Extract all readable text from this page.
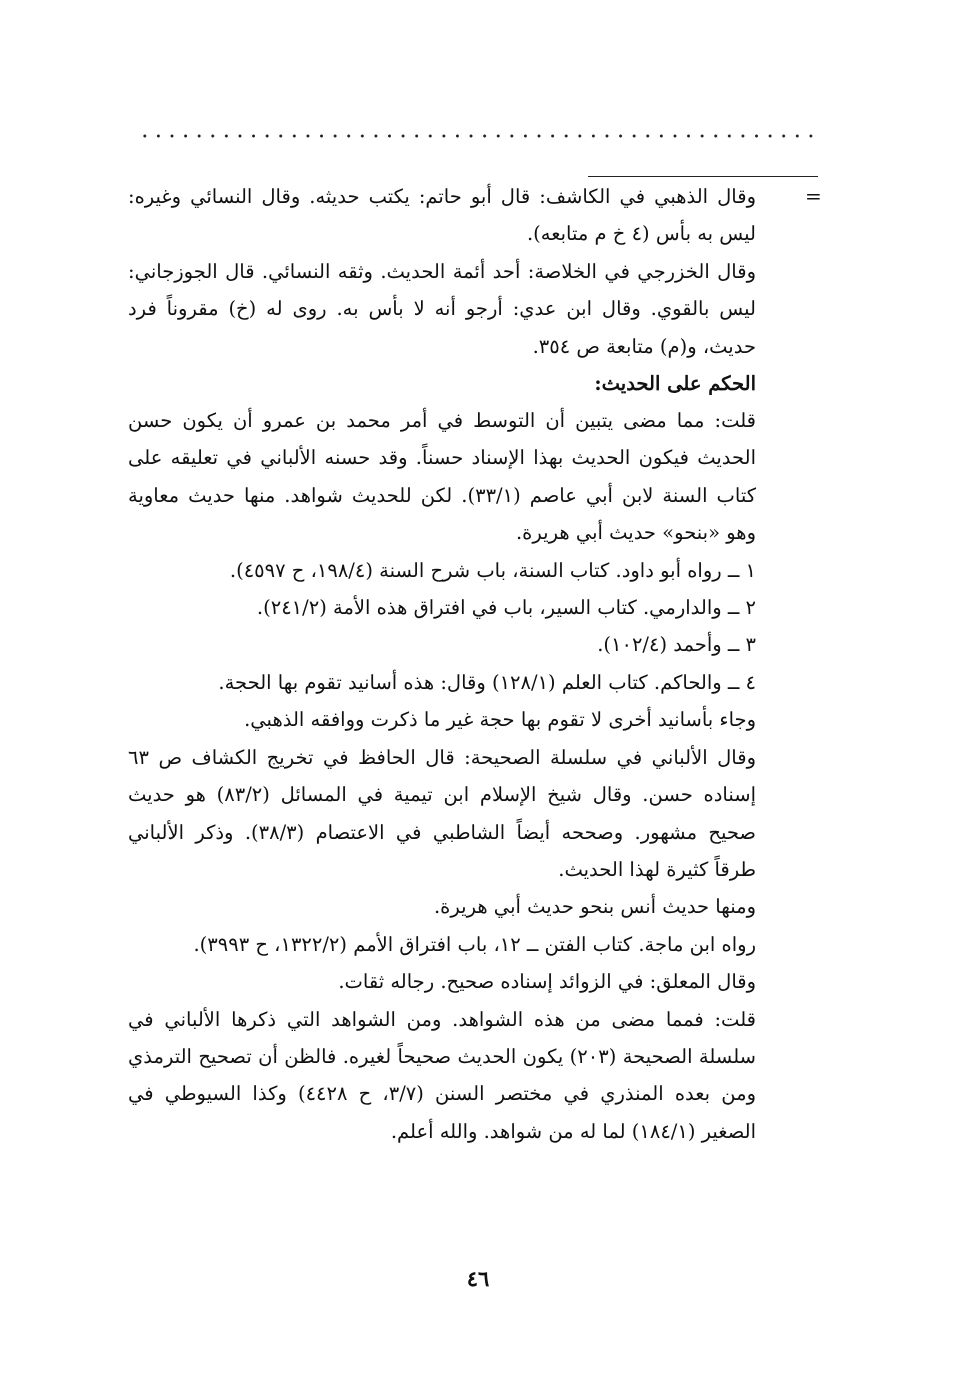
=

وقال الذهبي في الكاشف: قال أبو حاتم: يكتب حديثه. وقال النسائي وغيره: ليس به بأس (٤ خ م متابعه).

وقال الخزرجي في الخلاصة: أحد أئمة الحديث. وثقه النسائي. قال الجوزجاني: ليس بالقوي. وقال ابن عدي: أرجو أنه لا بأس به. روى له (خ) مقروناً فرد حديث، و(م) متابعة ص ٣٥٤.

الحكم على الحديث:

قلت: مما مضى يتبين أن التوسط في أمر محمد بن عمرو أن يكون حسن الحديث فيكون الحديث بهذا الإسناد حسناً. وقد حسنه الألباني في تعليقه على كتاب السنة لابن أبي عاصم (٣٣/١). لكن للحديث شواهد. منها حديث معاوية وهو «بنحو» حديث أبي هريرة.

١ ــ رواه أبو داود. كتاب السنة، باب شرح السنة (١٩٨/٤، ح ٤٥٩٧).

٢ ــ والدارمي. كتاب السير، باب في افتراق هذه الأمة (٢٤١/٢).

٣ ــ وأحمد (١٠٢/٤).

٤ ــ والحاكم. كتاب العلم (١٢٨/١) وقال: هذه أسانيد تقوم بها الحجة.

وجاء بأسانيد أخرى لا تقوم بها حجة غير ما ذكرت ووافقه الذهبي.

وقال الألباني في سلسلة الصحيحة: قال الحافظ في تخريج الكشاف ص ٦٣ إسناده حسن. وقال شيخ الإسلام ابن تيمية في المسائل (٨٣/٢) هو حديث صحيح مشهور. وصححه أيضاً الشاطبي في الاعتصام (٣٨/٣). وذكر الألباني طرقاً كثيرة لهذا الحديث.

ومنها حديث أنس بنحو حديث أبي هريرة.

رواه ابن ماجة. كتاب الفتن ــ ١٢، باب افتراق الأمم (١٣٢٢/٢، ح ٣٩٩٣).

وقال المعلق: في الزوائد إسناده صحيح. رجاله ثقات.

قلت: فمما مضى من هذه الشواهد. ومن الشواهد التي ذكرها الألباني في سلسلة الصحيحة (٢٠٣) يكون الحديث صحيحاً لغيره. فالظن أن تصحيح الترمذي ومن بعده المنذري في مختصر السنن (٣/٧، ح ٤٤٢٨) وكذا السيوطي في الصغير (١٨٤/١) لما له من شواهد. والله أعلم.

٤٦
